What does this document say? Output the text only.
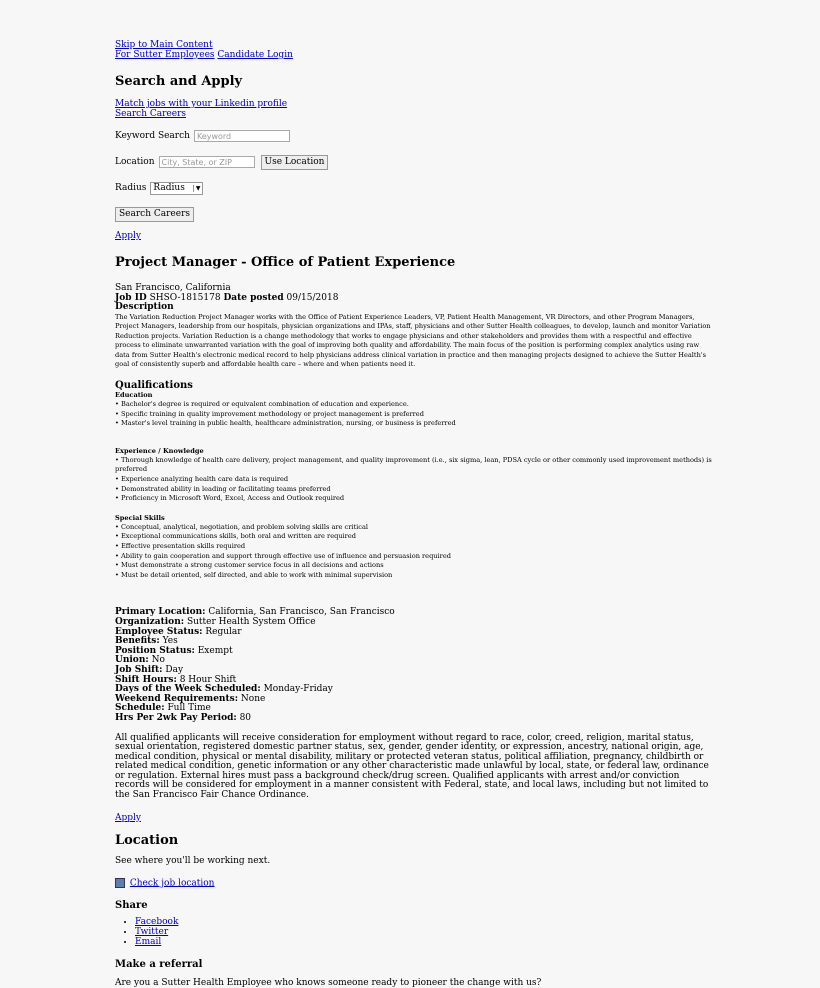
Skip to Main Content
For Sutter Employees Candidate Login
Search and Apply
Match jobs with your Linkedin profile
Search Careers
Keyword Search Keyword
Location City, State, or ZIP	Use Location
Radius Radius	▼
Search Careers
Apply
Project Manager - Office of Patient Experience
San Francisco, California
Job ID SHSO-1815178 Date posted 09/15/2018
Description
The Variation Reduction Project Manager works with the Office of Patient Experience Leaders, VP, Patient Health Management, VR Directors, and other Program Managers, Project Managers, leadership from our hospitals, physician organizations and IPAs, staff, physicians and other Sutter Health colleagues, to develop, launch and monitor Variation Reduction projects. Variation Reduction is a change methodology that works to engage physicians and other stakeholders and provides them with a respectful and effective process to eliminate unwarranted variation with the goal of improving both quality and affordability. The main focus of the position is performing complex analytics using raw data from Sutter Health's electronic medical record to help physicians address clinical variation in practice and then managing projects designed to achieve the Sutter Health's goal of consistently superb and affordable health care – where and when patients need it.
Qualifications
Education
• Bachelor's degree is required or equivalent combination of education and experience.
• Specific training in quality improvement methodology or project management is preferred
• Master's level training in public health, healthcare administration, nursing, or business is preferred
Experience / Knowledge
• Thorough knowledge of health care delivery, project management, and quality improvement (i.e., six sigma, lean, PDSA cycle or other commonly used improvement methods) is preferred
• Experience analyzing health care data is required
• Demonstrated ability in leading or facilitating teams preferred
• Proficiency in Microsoft Word, Excel, Access and Outlook required
Special Skills
• Conceptual, analytical, negotiation, and problem solving skills are critical
• Exceptional communications skills, both oral and written are required
• Effective presentation skills required
• Ability to gain cooperation and support through effective use of influence and persuasion required
• Must demonstrate a strong customer service focus in all decisions and actions
• Must be detail oriented, self directed, and able to work with minimal supervision
Primary Location: California, San Francisco, San Francisco
Organization: Sutter Health System Office
Employee Status: Regular
Benefits: Yes
Position Status: Exempt
Union: No
Job Shift: Day
Shift Hours: 8 Hour Shift
Days of the Week Scheduled: Monday-Friday
Weekend Requirements: None
Schedule: Full Time
Hrs Per 2wk Pay Period: 80
All qualified applicants will receive consideration for employment without regard to race, color, creed, religion, marital status, sexual orientation, registered domestic partner status, sex, gender, gender identity, or expression, ancestry, national origin, age, medical condition, physical or mental disability, military or protected veteran status, political affiliation, pregnancy, childbirth or related medical condition, genetic information or any other characteristic made unlawful by local, state, or federal law, ordinance or regulation. External hires must pass a background check/drug screen. Qualified applicants with arrest and/or conviction records will be considered for employment in a manner consistent with Federal, state, and local laws, including but not limited to the San Francisco Fair Chance Ordinance.
Apply
Location
See where you'll be working next.
Check job location
Share
• Facebook
• Twitter
• Email
Make a referral
Are you a Sutter Health Employee who knows someone ready to pioneer the change with us?
